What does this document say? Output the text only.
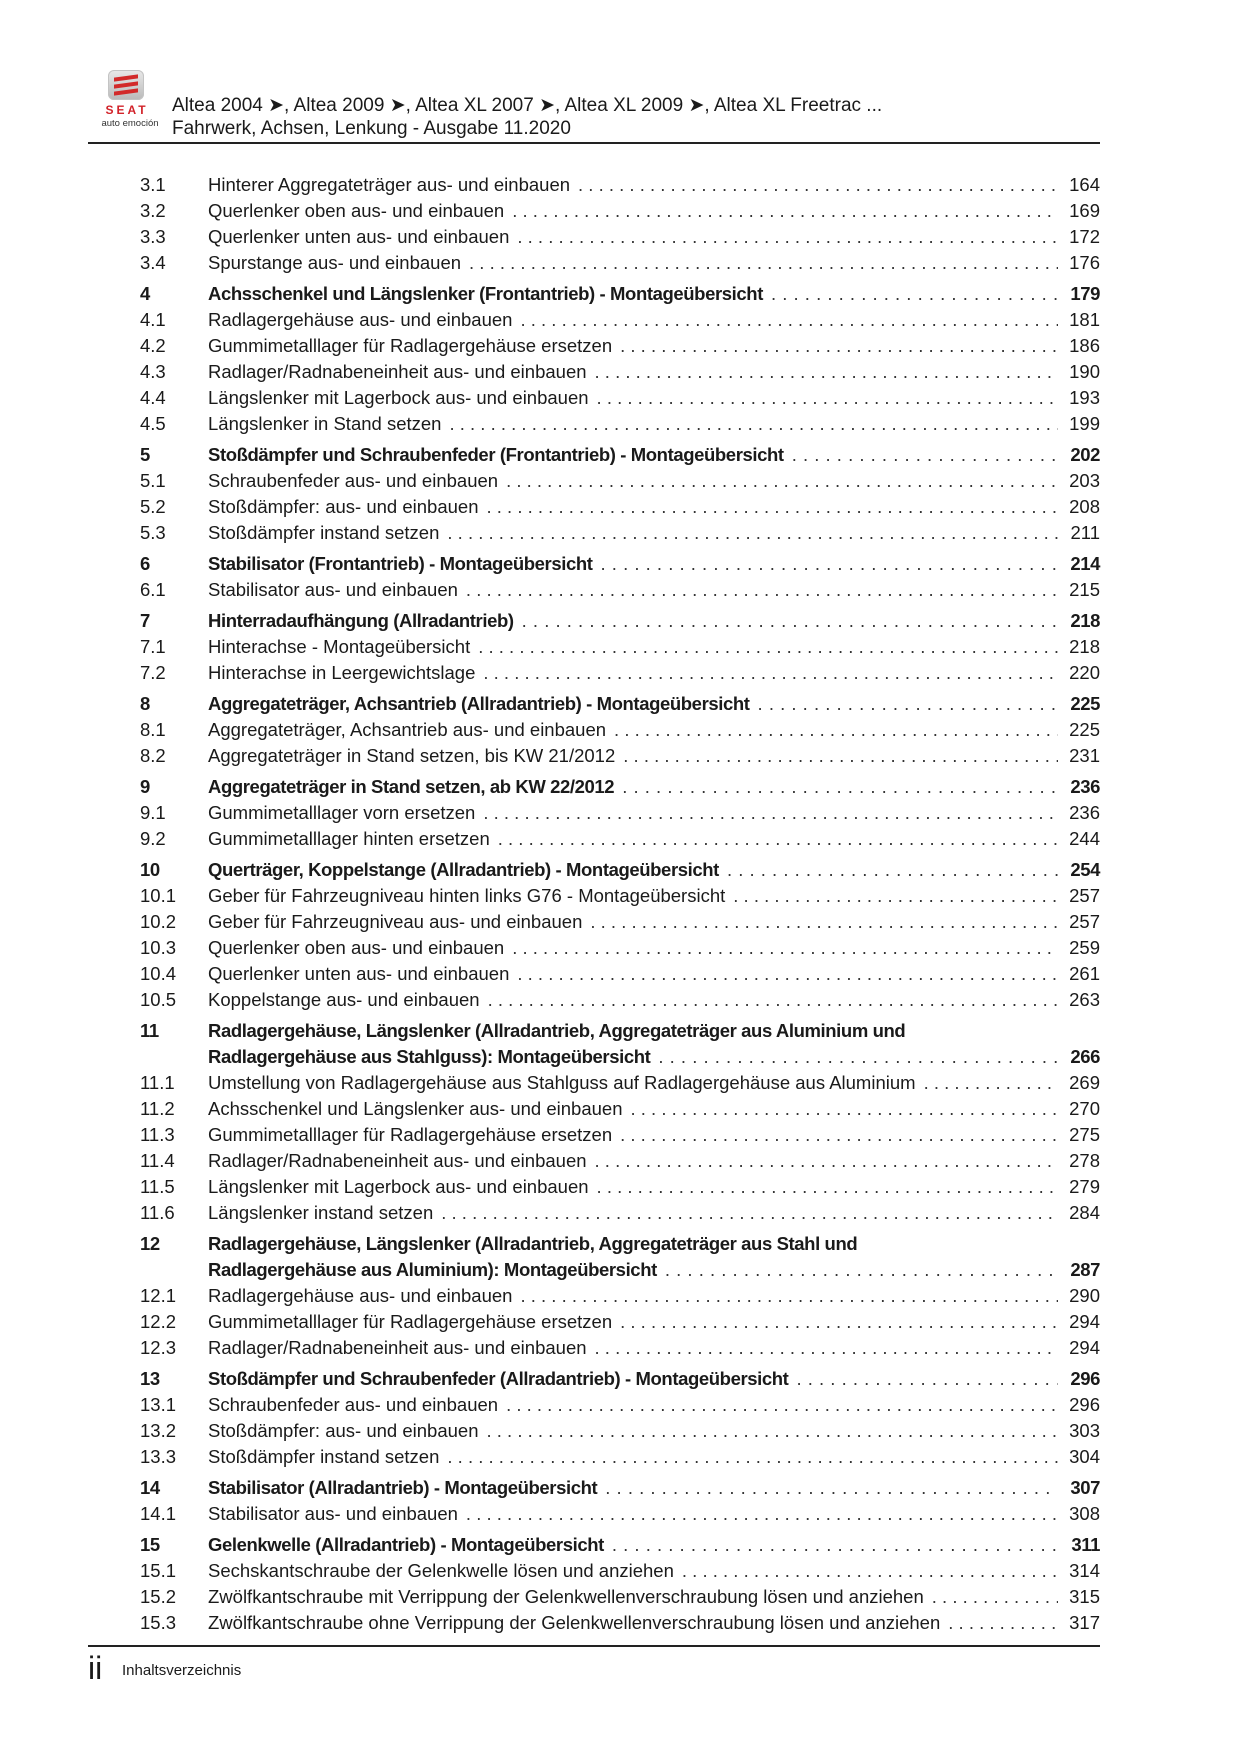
SEAT
auto emoción
Altea 2004 ➤, Altea 2009 ➤, Altea XL 2007 ➤, Altea XL 2009 ➤, Altea XL Freetrac ...
Fahrwerk, Achsen, Lenkung - Ausgabe 11.2020
3.1	Hinterer Aggregateträger aus- und einbauen . . .	164
3.2	Querlenker oben aus- und einbauen . . .	169
3.3	Querlenker unten aus- und einbauen . . .	172
3.4	Spurstange aus- und einbauen . . .	176
4	Achsschenkel und Längslenker (Frontantrieb) - Montageübersicht . . .	179
4.1	Radlagergehäuse aus- und einbauen . . .	181
4.2	Gummimetalllager für Radlagergehäuse ersetzen . . .	186
4.3	Radlager/Radnabeneinheit aus- und einbauen . . .	190
4.4	Längslenker mit Lagerbock aus- und einbauen . . .	193
4.5	Längslenker in Stand setzen . . .	199
5	Stoßdämpfer und Schraubenfeder (Frontantrieb) - Montageübersicht . . .	202
5.1	Schraubenfeder aus- und einbauen . . .	203
5.2	Stoßdämpfer: aus- und einbauen . . .	208
5.3	Stoßdämpfer instand setzen . . .	211
6	Stabilisator (Frontantrieb) - Montageübersicht . . .	214
6.1	Stabilisator aus- und einbauen . . .	215
7	Hinterradaufhängung (Allradantrieb) . . .	218
7.1	Hinterachse - Montageübersicht . . .	218
7.2	Hinterachse in Leergewichtslage . . .	220
8	Aggregateträger, Achsantrieb (Allradantrieb) - Montageübersicht . . .	225
8.1	Aggregateträger, Achsantrieb aus- und einbauen . . .	225
8.2	Aggregateträger in Stand setzen, bis KW 21/2012 . . .	231
9	Aggregateträger in Stand setzen, ab KW 22/2012 . . .	236
9.1	Gummimetalllager vorn ersetzen . . .	236
9.2	Gummimetalllager hinten ersetzen . . .	244
10	Querträger, Koppelstange (Allradantrieb) - Montageübersicht . . .	254
10.1	Geber für Fahrzeugniveau hinten links G76 - Montageübersicht . . .	257
10.2	Geber für Fahrzeugniveau aus- und einbauen . . .	257
10.3	Querlenker oben aus- und einbauen . . .	259
10.4	Querlenker unten aus- und einbauen . . .	261
10.5	Koppelstange aus- und einbauen . . .	263
11	Radlagergehäuse, Längslenker (Allradantrieb, Aggregateträger aus Aluminium und
Radlagergehäuse aus Stahlguss): Montageübersicht . . .	266
11.1	Umstellung von Radlagergehäuse aus Stahlguss auf Radlagergehäuse aus Aluminium . . .	269
11.2	Achsschenkel und Längslenker aus- und einbauen . . .	270
11.3	Gummimetalllager für Radlagergehäuse ersetzen . . .	275
11.4	Radlager/Radnabeneinheit aus- und einbauen . . .	278
11.5	Längslenker mit Lagerbock aus- und einbauen . . .	279
11.6	Längslenker instand setzen . . .	284
12	Radlagergehäuse, Längslenker (Allradantrieb, Aggregateträger aus Stahl und
Radlagergehäuse aus Aluminium): Montageübersicht . . .	287
12.1	Radlagergehäuse aus- und einbauen . . .	290
12.2	Gummimetalllager für Radlagergehäuse ersetzen . . .	294
12.3	Radlager/Radnabeneinheit aus- und einbauen . . .	294
13	Stoßdämpfer und Schraubenfeder (Allradantrieb) - Montageübersicht . . .	296
13.1	Schraubenfeder aus- und einbauen . . .	296
13.2	Stoßdämpfer: aus- und einbauen . . .	303
13.3	Stoßdämpfer instand setzen . . .	304
14	Stabilisator (Allradantrieb) - Montageübersicht . . .	307
14.1	Stabilisator aus- und einbauen . . .	308
15	Gelenkwelle (Allradantrieb) - Montageübersicht . . .	311
15.1	Sechskantschraube der Gelenkwelle lösen und anziehen . . .	314
15.2	Zwölfkantschraube mit Verrippung der Gelenkwellenverschraubung lösen und anziehen . . .	315
15.3	Zwölfkantschraube ohne Verrippung der Gelenkwellenverschraubung lösen und anziehen . . .	317
ii Inhaltsverzeichnis
